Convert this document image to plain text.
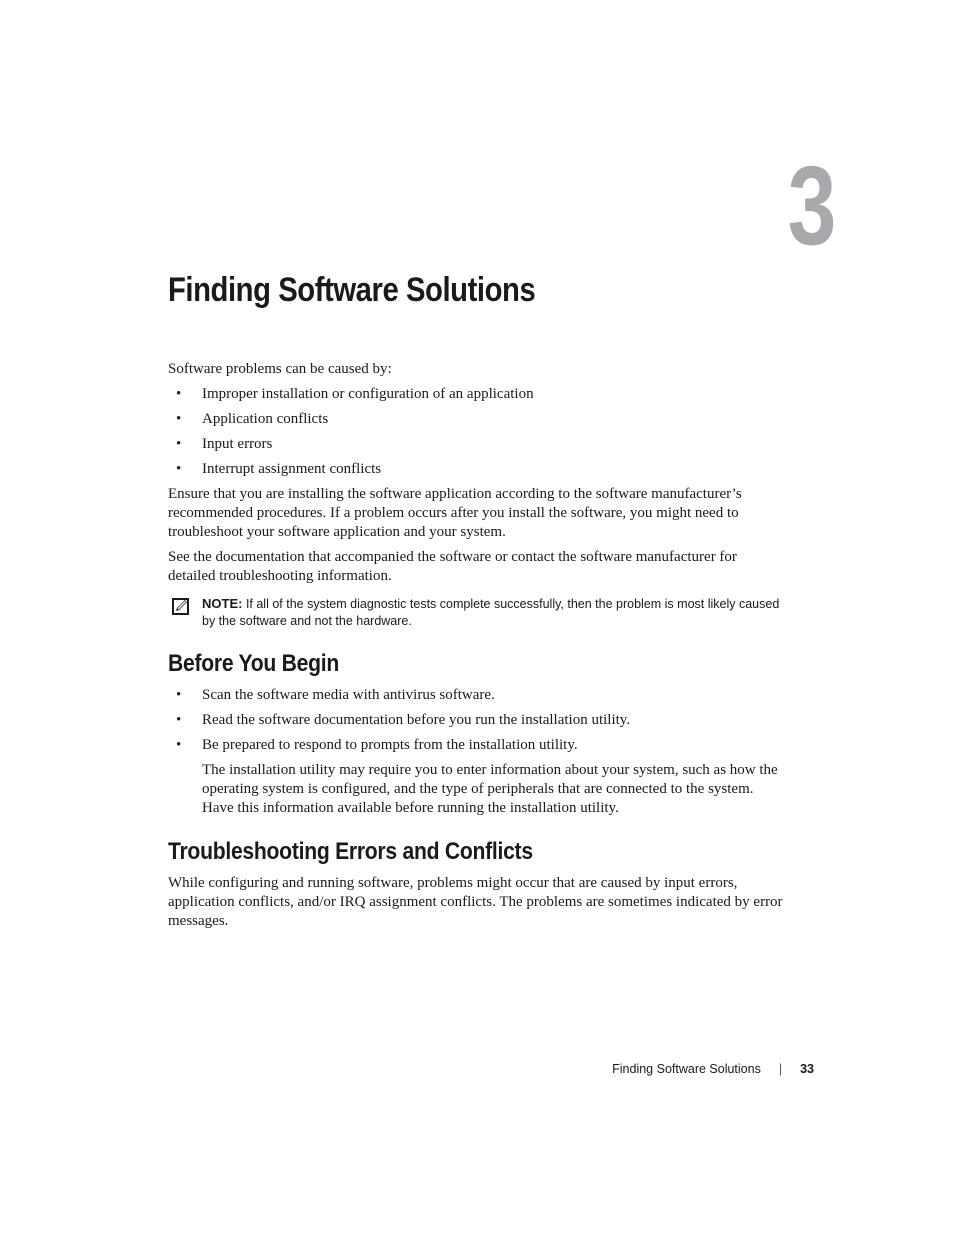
3
Finding Software Solutions

Software problems can be caused by:

• Improper installation or configuration of an application
• Application conflicts
• Input errors
• Interrupt assignment conflicts

Ensure that you are installing the software application according to the software manufacturer’s recommended procedures. If a problem occurs after you install the software, you might need to troubleshoot your software application and your system.

See the documentation that accompanied the software or contact the software manufacturer for detailed troubleshooting information.

NOTE: If all of the system diagnostic tests complete successfully, then the problem is most likely caused by the software and not the hardware.
Before You Begin
• Scan the software media with antivirus software.
• Read the software documentation before you run the installation utility.
• Be prepared to respond to prompts from the installation utility.

The installation utility may require you to enter information about your system, such as how the operating system is configured, and the type of peripherals that are connected to the system. Have this information available before running the installation utility.

Troubleshooting Errors and Conflicts

While configuring and running software, problems might occur that are caused by input errors, application conflicts, and/or IRQ assignment conflicts. The problems are sometimes indicated by error messages.

Finding Software Solutions | 33
